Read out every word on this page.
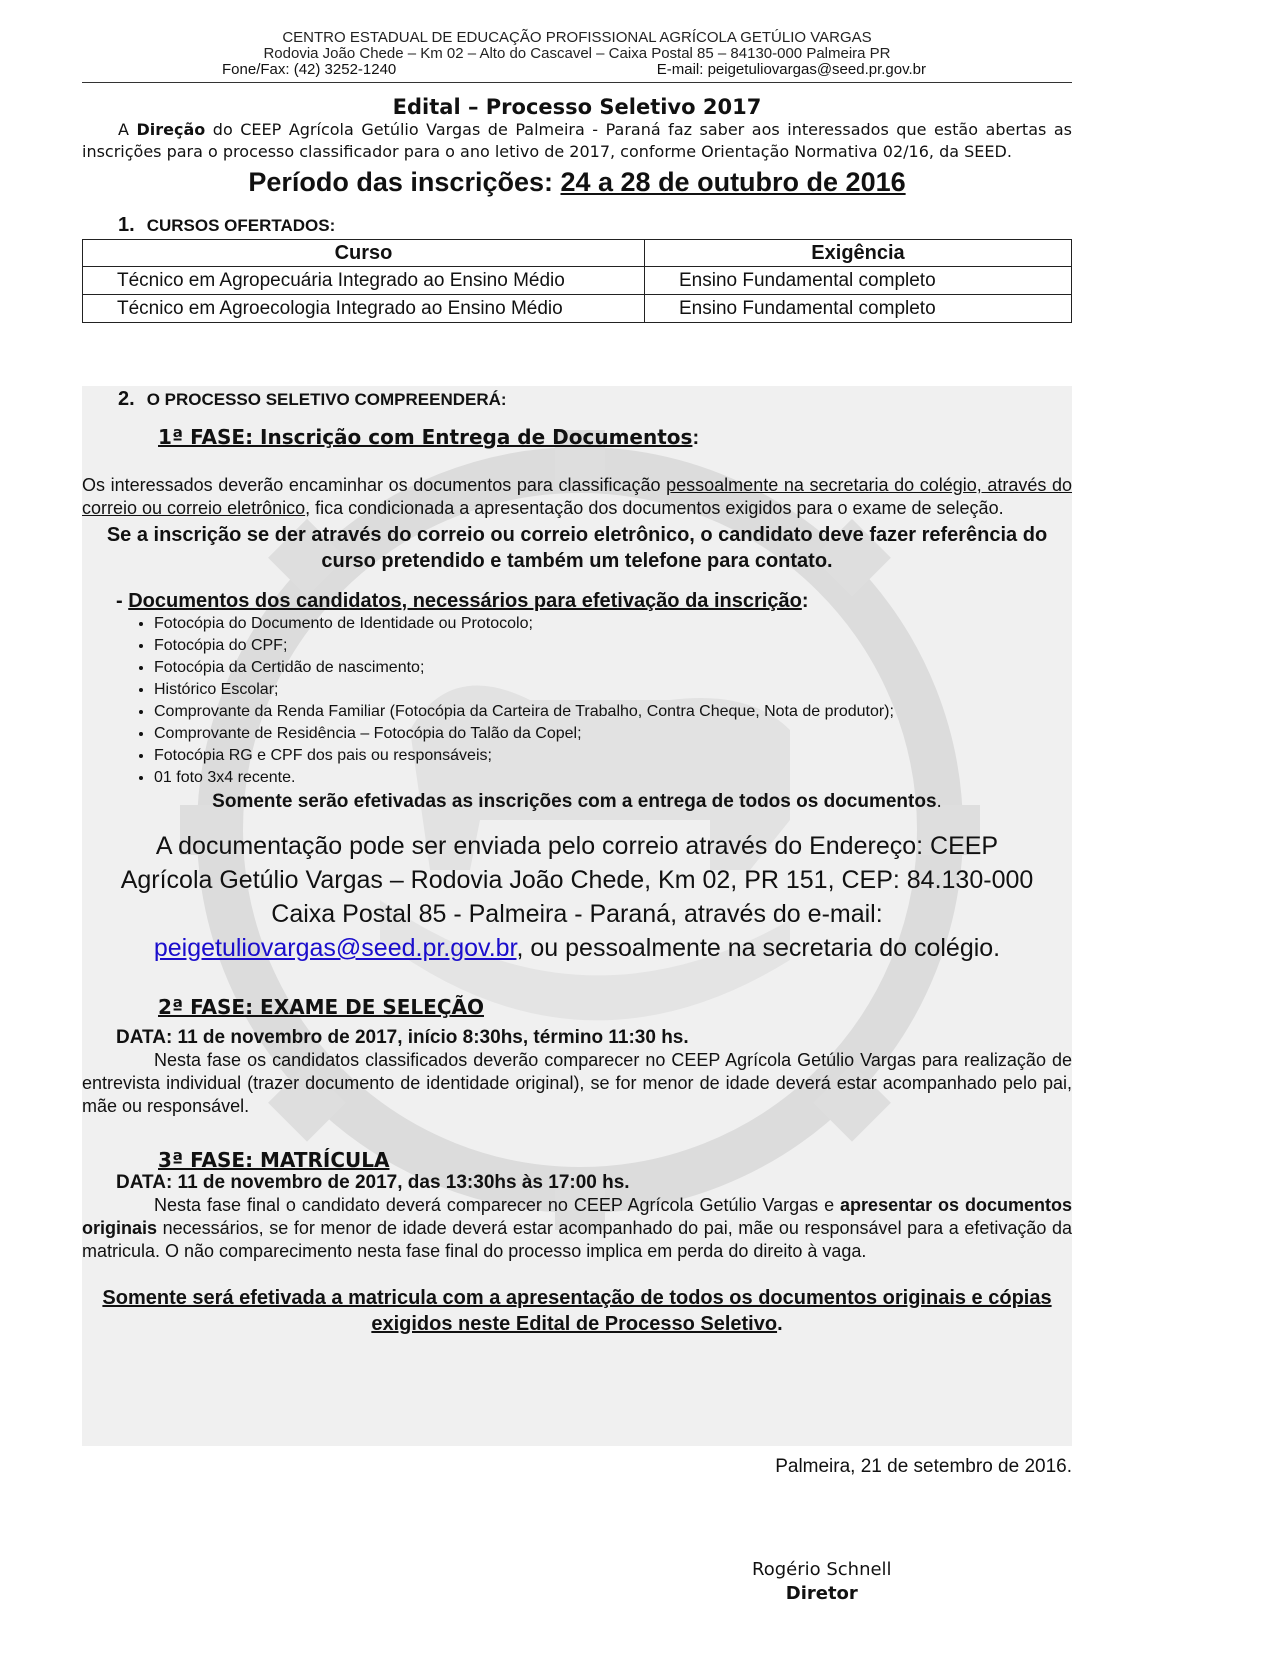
CENTRO ESTADUAL DE EDUCAÇÃO PROFISSIONAL AGRÍCOLA GETÚLIO VARGAS
Rodovia João Chede – Km 02 – Alto do Cascavel – Caixa Postal 85 – 84130-000 Palmeira PR
Fone/Fax: (42) 3252-1240	E-mail: peigetuliovargas@seed.pr.gov.br
Edital – Processo Seletivo 2017
A Direção do CEEP Agrícola Getúlio Vargas de Palmeira - Paraná faz saber aos interessados que estão abertas as inscrições para o processo classificador para o ano letivo de 2017, conforme Orientação Normativa 02/16, da SEED.
Período das inscrições: 24 a 28 de outubro de 2016
1. CURSOS OFERTADOS:
Curso	Exigência
Técnico em Agropecuária Integrado ao Ensino Médio	Ensino Fundamental completo
Técnico em Agroecologia Integrado ao Ensino Médio	Ensino Fundamental completo
2. O PROCESSO SELETIVO COMPREENDERÁ:
1ª FASE: Inscrição com Entrega de Documentos:
Os interessados deverão encaminhar os documentos para classificação pessoalmente na secretaria do colégio, através do correio ou correio eletrônico, fica condicionada a apresentação dos documentos exigidos para o exame de seleção.
Se a inscrição se der através do correio ou correio eletrônico, o candidato deve fazer referência do curso pretendido e também um telefone para contato.
- Documentos dos candidatos, necessários para efetivação da inscrição:
• Fotocópia do Documento de Identidade ou Protocolo;
• Fotocópia do CPF;
• Fotocópia da Certidão de nascimento;
• Histórico Escolar;
• Comprovante da Renda Familiar (Fotocópia da Carteira de Trabalho, Contra Cheque, Nota de produtor);
• Comprovante de Residência – Fotocópia do Talão da Copel;
• Fotocópia RG e CPF dos pais ou responsáveis;
• 01 foto 3x4 recente.
Somente serão efetivadas as inscrições com a entrega de todos os documentos.
A documentação pode ser enviada pelo correio através do Endereço: CEEP Agrícola Getúlio Vargas – Rodovia João Chede, Km 02, PR 151, CEP: 84.130-000 Caixa Postal 85 - Palmeira - Paraná, através do e-mail: peigetuliovargas@seed.pr.gov.br, ou pessoalmente na secretaria do colégio.
2ª FASE: EXAME DE SELEÇÃO
DATA: 11 de novembro de 2017, início 8:30hs, término 11:30 hs.
Nesta fase os candidatos classificados deverão comparecer no CEEP Agrícola Getúlio Vargas para realização de entrevista individual (trazer documento de identidade original), se for menor de idade deverá estar acompanhado pelo pai, mãe ou responsável.
3ª FASE: MATRÍCULA
DATA: 11 de novembro de 2017, das 13:30hs às 17:00 hs.
Nesta fase final o candidato deverá comparecer no CEEP Agrícola Getúlio Vargas e apresentar os documentos originais necessários, se for menor de idade deverá estar acompanhado do pai, mãe ou responsável para a efetivação da matricula. O não comparecimento nesta fase final do processo implica em perda do direito à vaga.
Somente será efetivada a matricula com a apresentação de todos os documentos originais e cópias exigidos neste Edital de Processo Seletivo.
Palmeira, 21 de setembro de 2016.
Rogério Schnell
Diretor
